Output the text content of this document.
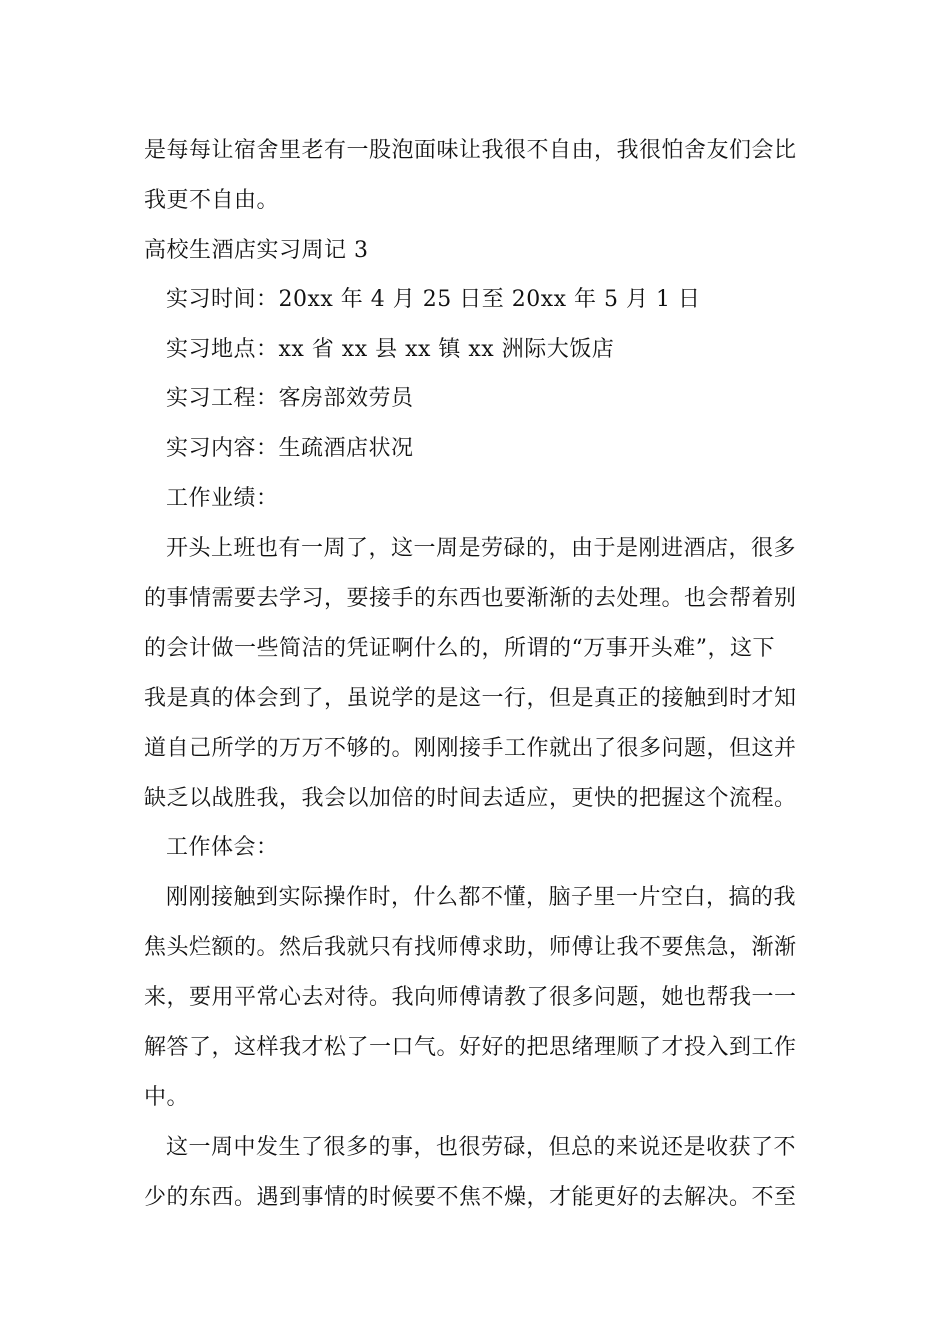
是每每让宿舍里老有一股泡面味让我很不自由，我很怕舍友们会比
我更不自由。
高校生酒店实习周记 3
实习时间：20xx 年 4 月 25 日至 20xx 年 5 月 1 日
实习地点：xx 省 xx 县 xx 镇 xx 洲际大饭店
实习工程：客房部效劳员
实习内容：生疏酒店状况
工作业绩：
开头上班也有一周了，这一周是劳碌的，由于是刚进酒店，很多
的事情需要去学习，要接手的东西也要渐渐的去处理。也会帮着别
的会计做一些简洁的凭证啊什么的，所谓的“万事开头难”，这下
我是真的体会到了，虽说学的是这一行，但是真正的接触到时才知
道自己所学的万万不够的。刚刚接手工作就出了很多问题，但这并
缺乏以战胜我，我会以加倍的时间去适应，更快的把握这个流程。
工作体会：
刚刚接触到实际操作时，什么都不懂，脑子里一片空白，搞的我
焦头烂额的。然后我就只有找师傅求助，师傅让我不要焦急，渐渐
来，要用平常心去对待。我向师傅请教了很多问题，她也帮我一一
解答了，这样我才松了一口气。好好的把思绪理顺了才投入到工作
中。
这一周中发生了很多的事，也很劳碌，但总的来说还是收获了不
少的东西。遇到事情的时候要不焦不燥，才能更好的去解决。不至
